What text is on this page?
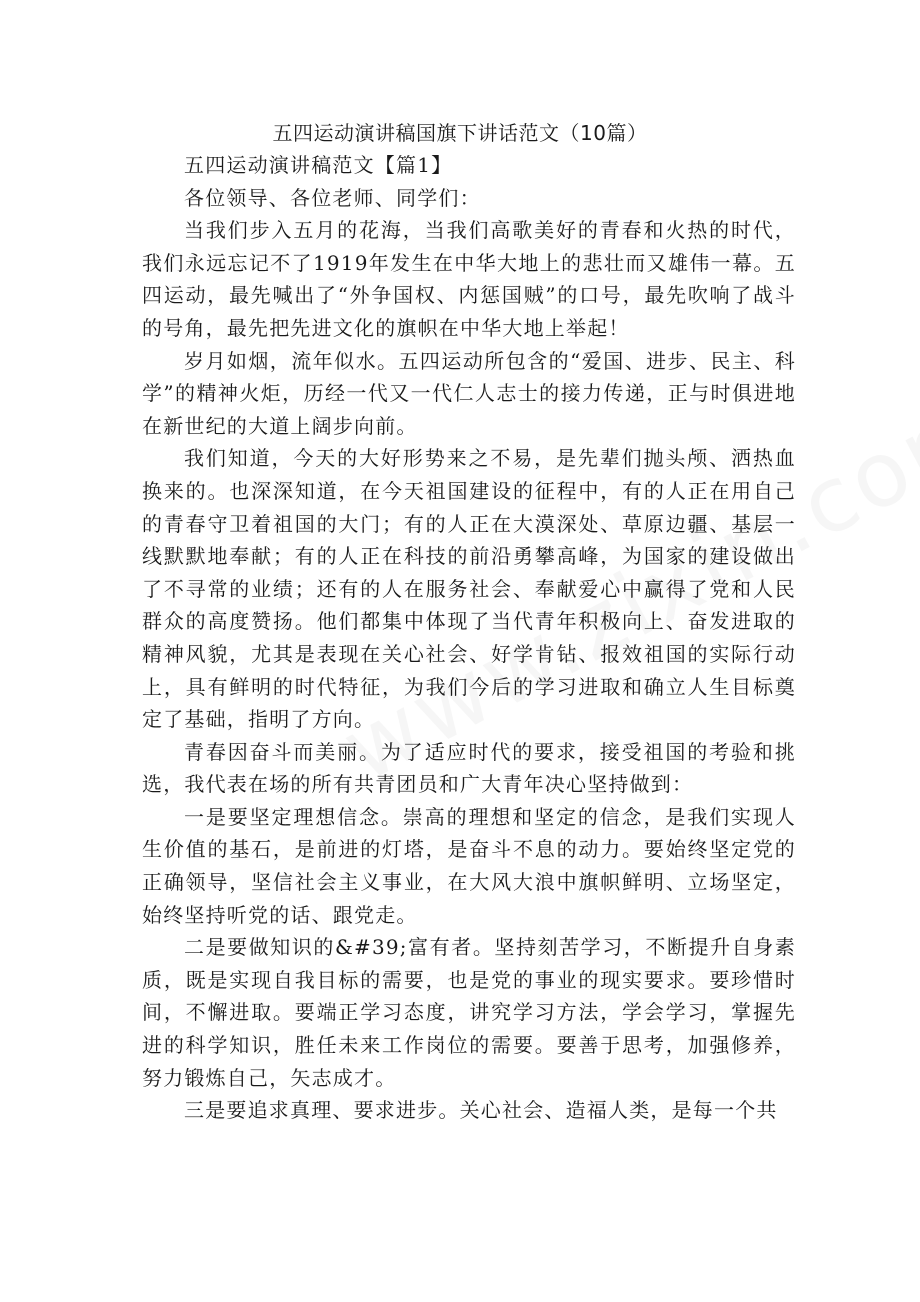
五四运动演讲稿国旗下讲话范文（10篇）

五四运动演讲稿范文【篇1】

各位领导、各位老师、同学们：

当我们步入五月的花海，当我们高歌美好的青春和火热的时代，我们永远忘记不了1919年发生在中华大地上的悲壮而又雄伟一幕。五四运动，最先喊出了“外争国权、内惩国贼”的口号，最先吹响了战斗的号角，最先把先进文化的旗帜在中华大地上举起！

岁月如烟，流年似水。五四运动所包含的“爱国、进步、民主、科学”的精神火炬，历经一代又一代仁人志士的接力传递，正与时俱进地在新世纪的大道上阔步向前。

我们知道，今天的大好形势来之不易，是先辈们抛头颅、洒热血换来的。也深深知道，在今天祖国建设的征程中，有的人正在用自己的青春守卫着祖国的大门；有的人正在大漠深处、草原边疆、基层一线默默地奉献；有的人正在科技的前沿勇攀高峰，为国家的建设做出了不寻常的业绩；还有的人在服务社会、奉献爱心中赢得了党和人民群众的高度赞扬。他们都集中体现了当代青年积极向上、奋发进取的精神风貌，尤其是表现在关心社会、好学肯钻、报效祖国的实际行动上，具有鲜明的时代特征，为我们今后的学习进取和确立人生目标奠定了基础，指明了方向。

青春因奋斗而美丽。为了适应时代的要求，接受祖国的考验和挑选，我代表在场的所有共青团员和广大青年决心坚持做到：

一是要坚定理想信念。崇高的理想和坚定的信念，是我们实现人生价值的基石，是前进的灯塔，是奋斗不息的动力。要始终坚定党的正确领导，坚信社会主义事业，在大风大浪中旗帜鲜明、立场坚定，始终坚持听党的话、跟党走。

二是要做知识的&#39;富有者。坚持刻苦学习，不断提升自身素质，既是实现自我目标的需要，也是党的事业的现实要求。要珍惜时间，不懈进取。要端正学习态度，讲究学习方法，学会学习，掌握先进的科学知识，胜任未来工作岗位的需要。要善于思考，加强修养，努力锻炼自己，矢志成才。

三是要追求真理、要求进步。关心社会、造福人类，是每一个共
